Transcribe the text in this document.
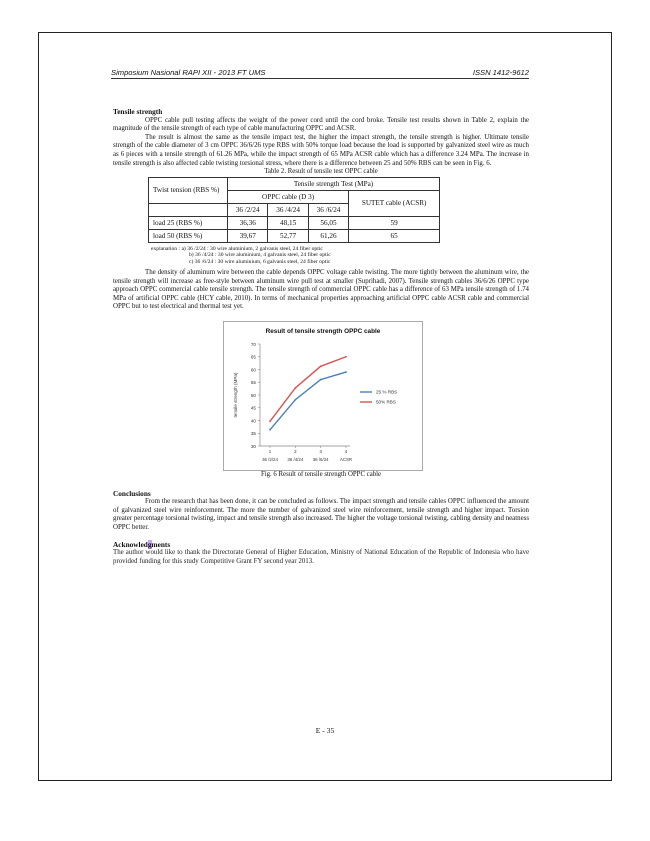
Simposium Nasional RAPI XII - 2013 FT UMS	ISSN 1412-9612

Tensile strength

OPPC cable pull testing affects the weight of the power cord until the cord broke. Tensile test results shown in Table 2, explain the magnitude of the tensile strength of each type of cable manufacturing OPPC and ACSR.

The result is almost the same as the tensile impact test, the higher the impact strength, the tensile strength is higher. Ultimate tensile strength of the cable diameter of 3 cm OPPC 36/6/26 type RBS with 50% torque load because the load is supported by galvanized steel wire as much as 6 pieces with a tensile strength of 61.26 MPa, while the impact strength of 65 MPa ACSR cable which has a difference 3.24 MPa. The increase in tensile strength is also affected cable twisting torsional stress, where there is a difference between 25 and 50% RBS can be seen in Fig. 6.

Table 2. Result of tensile test OPPC cable

Twist tension (RBS %)	Tensile strength Test (MPa)			
	OPPC cable (D 3)			SUTET cable (ACSR)
	36 /2/24	36 /4/24	36 /6/24	
load 25 (RBS %)	36,36	48,15	56,05	59
load 50 (RBS %)	39,67	52,77	61,26	65
explanation : a) 36 /2/24 : 30 wire aluminium, 2 galvanis steel, 24 fiber optic
b) 36 /4/24 : 30 wire aluminium, 4 galvanis steel, 24 fiber optic
c) 36 /6/24 : 30 wire aluminium, 6 galvanis steel, 24 fiber optic

The density of aluminum wire between the cable depends OPPC voltage cable twisting. The more tightly between the aluminum wire, the tensile strength will increase as free-style between aluminum wire pull test at smaller (Suprihadi, 2007). Tensile strength cables 36/6/26 OPPC type approach OPPC commercial cable tensile strength. The tensile strength of commercial OPPC cable has a difference of 63 MPa tensile strength of 1.74 MPa of artificial OPPC cable (HCY cable, 2010). In terms of mechanical properties approaching artificial OPPC cable ACSR cable and commercial OPPC but to test electrical and thermal test yet.

Result of tensile strength OPPC cable
30
35
40
45
50
55
60
65
70
tensile strength (MPa)
1
36 /2/24
2
36 /4/24
3
36 /6/24
4
ACSR
25 % RBS
50% RBS

Fig. 6 Result of tensile strength OPPC cable

Conclusions

From the research that has been done, it can be concluded as follows. The impact strength and tensile cables OPPC influenced the amount of galvanized steel wire reinforcement. The more the number of galvanized steel wire reinforcement, tensile strength and higher impact. Torsion greater percentage torsional twisting, impact and tensile strength also increased. The higher the voltage torsional twisting, cabling density and neatness OPPC better.

Acknowledgments

The author would like to thank the Directorate General of Higher Education, Ministry of National Education of the Republic of Indonesia who have provided funding for this study Competitive Grant FY second year 2013.

E - 35
